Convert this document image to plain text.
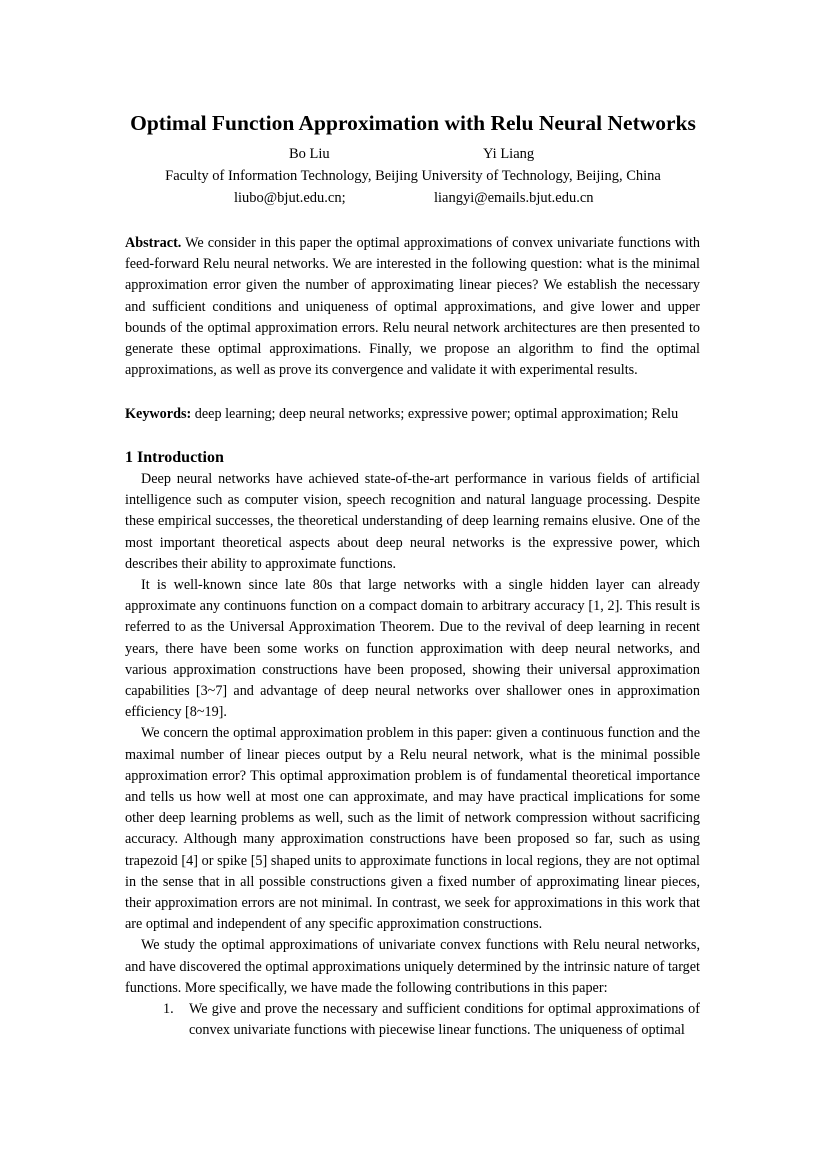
Optimal Function Approximation with Relu Neural Networks
Bo Liu	Yi Liang
Faculty of Information Technology, Beijing University of Technology, Beijing, China
liubo@bjut.edu.cn;	liangyi@emails.bjut.edu.cn
Abstract. We consider in this paper the optimal approximations of convex univariate functions with feed-forward Relu neural networks. We are interested in the following question: what is the minimal approximation error given the number of approximating linear pieces? We establish the necessary and sufficient conditions and uniqueness of optimal approximations, and give lower and upper bounds of the optimal approximation errors. Relu neural network architectures are then presented to generate these optimal approximations. Finally, we propose an algorithm to find the optimal approximations, as well as prove its convergence and validate it with experimental results.
Keywords: deep learning; deep neural networks; expressive power; optimal approximation; Relu
1 Introduction

Deep neural networks have achieved state-of-the-art performance in various fields of artificial intelligence such as computer vision, speech recognition and natural language processing. Despite these empirical successes, the theoretical understanding of deep learning remains elusive. One of the most important theoretical aspects about deep neural networks is the expressive power, which describes their ability to approximate functions.

It is well-known since late 80s that large networks with a single hidden layer can already approximate any continuons function on a compact domain to arbitrary accuracy [1, 2]. This result is referred to as the Universal Approximation Theorem. Due to the revival of deep learning in recent years, there have been some works on function approximation with deep neural networks, and various approximation constructions have been proposed, showing their universal approximation capabilities [3~7] and advantage of deep neural networks over shallower ones in approximation efficiency [8~19].

We concern the optimal approximation problem in this paper: given a continuous function and the maximal number of linear pieces output by a Relu neural network, what is the minimal possible approximation error? This optimal approximation problem is of fundamental theoretical importance and tells us how well at most one can approximate, and may have practical implications for some other deep learning problems as well, such as the limit of network compression without sacrificing accuracy. Although many approximation constructions have been proposed so far, such as using trapezoid [4] or spike [5] shaped units to approximate functions in local regions, they are not optimal in the sense that in all possible constructions given a fixed number of approximating linear pieces, their approximation errors are not minimal. In contrast, we seek for approximations in this work that are optimal and independent of any specific approximation constructions.

We study the optimal approximations of univariate convex functions with Relu neural networks, and have discovered the optimal approximations uniquely determined by the intrinsic nature of target functions. More specifically, we have made the following contributions in this paper:

1. We give and prove the necessary and sufficient conditions for optimal approximations of convex univariate functions with piecewise linear functions. The uniqueness of optimal
